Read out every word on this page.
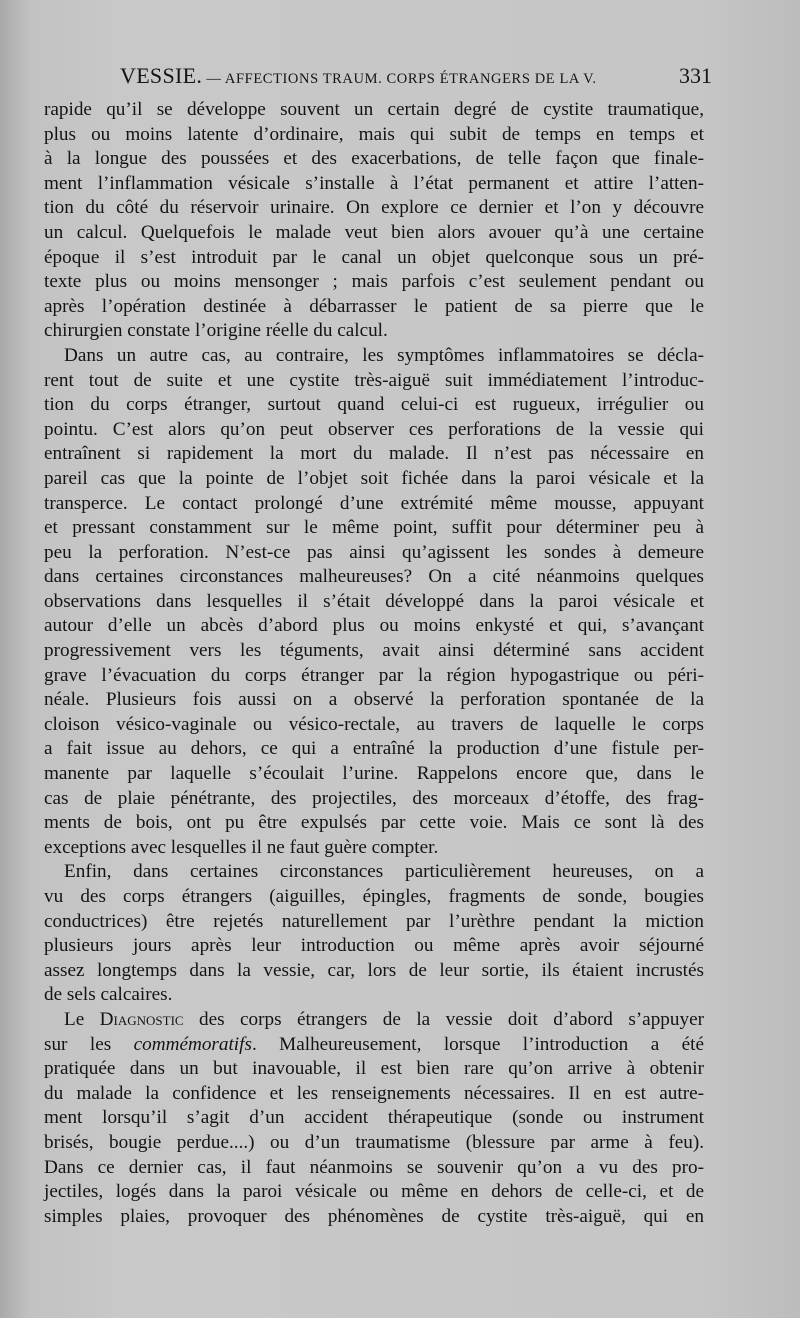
VESSIE. — AFFECTIONS TRAUM. CORPS ÉTRANGERS DE LA V.	331
rapide qu’il se développe souvent un certain degré de cystite traumatique,
plus ou moins latente d’ordinaire, mais qui subit de temps en temps et
à la longue des poussées et des exacerbations, de telle façon que finale-
ment l’inflammation vésicale s’installe à l’état permanent et attire l’atten-
tion du côté du réservoir urinaire. On explore ce dernier et l’on y découvre
un calcul. Quelquefois le malade veut bien alors avouer qu’à une certaine
époque il s’est introduit par le canal un objet quelconque sous un pré-
texte plus ou moins mensonger ; mais parfois c’est seulement pendant ou
après l’opération destinée à débarrasser le patient de sa pierre que le
chirurgien constate l’origine réelle du calcul.
Dans un autre cas, au contraire, les symptômes inflammatoires se décla-
rent tout de suite et une cystite très-aiguë suit immédiatement l’introduc-
tion du corps étranger, surtout quand celui-ci est rugueux, irrégulier ou
pointu. C’est alors qu’on peut observer ces perforations de la vessie qui
entraînent si rapidement la mort du malade. Il n’est pas nécessaire en
pareil cas que la pointe de l’objet soit fichée dans la paroi vésicale et la
transperce. Le contact prolongé d’une extrémité même mousse, appuyant
et pressant constamment sur le même point, suffit pour déterminer peu à
peu la perforation. N’est-ce pas ainsi qu’agissent les sondes à demeure
dans certaines circonstances malheureuses? On a cité néanmoins quelques
observations dans lesquelles il s’était développé dans la paroi vésicale et
autour d’elle un abcès d’abord plus ou moins enkysté et qui, s’avançant
progressivement vers les téguments, avait ainsi déterminé sans accident
grave l’évacuation du corps étranger par la région hypogastrique ou péri-
néale. Plusieurs fois aussi on a observé la perforation spontanée de la
cloison vésico-vaginale ou vésico-rectale, au travers de laquelle le corps
a fait issue au dehors, ce qui a entraîné la production d’une fistule per-
manente par laquelle s’écoulait l’urine. Rappelons encore que, dans le
cas de plaie pénétrante, des projectiles, des morceaux d’étoffe, des frag-
ments de bois, ont pu être expulsés par cette voie. Mais ce sont là des
exceptions avec lesquelles il ne faut guère compter.
Enfin, dans certaines circonstances particulièrement heureuses, on a
vu des corps étrangers (aiguilles, épingles, fragments de sonde, bougies
conductrices) être rejetés naturellement par l’urèthre pendant la miction
plusieurs jours après leur introduction ou même après avoir séjourné
assez longtemps dans la vessie, car, lors de leur sortie, ils étaient incrustés
de sels calcaires.
Le Diagnostic des corps étrangers de la vessie doit d’abord s’appuyer
sur les commémoratifs. Malheureusement, lorsque l’introduction a été
pratiquée dans un but inavouable, il est bien rare qu’on arrive à obtenir
du malade la confidence et les renseignements nécessaires. Il en est autre-
ment lorsqu’il s’agit d’un accident thérapeutique (sonde ou instrument
brisés, bougie perdue....) ou d’un traumatisme (blessure par arme à feu).
Dans ce dernier cas, il faut néanmoins se souvenir qu’on a vu des pro-
jectiles, logés dans la paroi vésicale ou même en dehors de celle-ci, et de
simples plaies, provoquer des phénomènes de cystite très-aiguë, qui en
